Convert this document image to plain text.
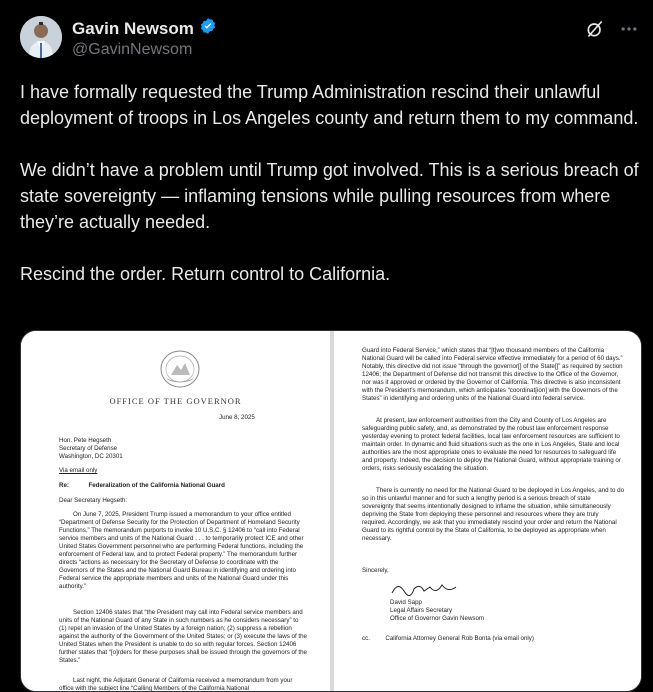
Gavin Newsom
@GavinNewsom

I have formally requested the Trump Administration rescind their unlawful deployment of troops in Los Angeles county and return them to my command.

We didn’t have a problem until Trump got involved. This is a serious breach of state sovereignty — inflaming tensions while pulling resources from where they’re actually needed.

Rescind the order. Return control to California.

OFFICE OF THE GOVERNOR
June 8, 2025
Hon. Pete Hegseth
Secretary of Defense
Washington, DC 20301
Via email only
Re:	Federalization of the California National Guard
Dear Secretary Hegseth:
On June 7, 2025, President Trump issued a memorandum to your office entitled “Department of Defense Security for the Protection of Department of Homeland Security Functions.” The memorandum purports to invoke 10 U.S.C. § 12406 to “call into Federal service members and units of the National Guard . . . to temporarily protect ICE and other United States Government personnel who are performing Federal functions, including the enforcement of Federal law, and to protect Federal property.” The memorandum further directs “actions as necessary for the Secretary of Defense to coordinate with the Governors of the States and the National Guard Bureau in identifying and ordering into Federal service the appropriate members and units of the National Guard under this authority.”
Section 12406 states that “the President may call into Federal service members and units of the National Guard of any State in such numbers as he considers necessary” to (1) repel an invasion of the United States by a foreign nation; (2) suppress a rebellion against the authority of the Government of the United States; or (3) execute the laws of the United States when the President is unable to do so with regular forces. Section 12406 further states that “[o]rders for these purposes shall be issued through the governors of the States.”
Last night, the Adjutant General of California received a memorandum from your office with the subject line “Calling Members of the California National
Guard into Federal Service,” which states that “[t]wo thousand members of the California National Guard will be called into Federal service effective immediately for a period of 60 days.” Notably, this directive did not issue “through the governor[] of the State[]” as required by section 12406; the Department of Defense did not transmit this directive to the Office of the Governor, nor was it approved or ordered by the Governor of California. This directive is also inconsistent with the President’s memorandum, which anticipates “coordinat[ion] with the Governors of the States” in identifying and ordering units of the National Guard into federal service.
At present, law enforcement authorities from the City and County of Los Angeles are safeguarding public safety, and, as demonstrated by the robust law enforcement response yesterday evening to protect federal facilities, local law enforcement resources are sufficient to maintain order. In dynamic and fluid situations such as the one in Los Angeles, State and local authorities are the most appropriate ones to evaluate the need for resources to safeguard life and property. Indeed, the decision to deploy the National Guard, without appropriate training or orders, risks seriously escalating the situation.
There is currently no need for the National Guard to be deployed in Los Angeles, and to do so in this unlawful manner and for such a lengthy period is a serious breach of state sovereignty that seems intentionally designed to inflame the situation, while simultaneously depriving the State from deploying these personnel and resources where they are truly required. Accordingly, we ask that you immediately rescind your order and return the National Guard to its rightful control by the State of California, to be deployed as appropriate when necessary.
Sincerely,
David Sapp
Legal Affairs Secretary
Office of Governor Gavin Newsom
cc. California Attorney General Rob Bonta (via email only)
